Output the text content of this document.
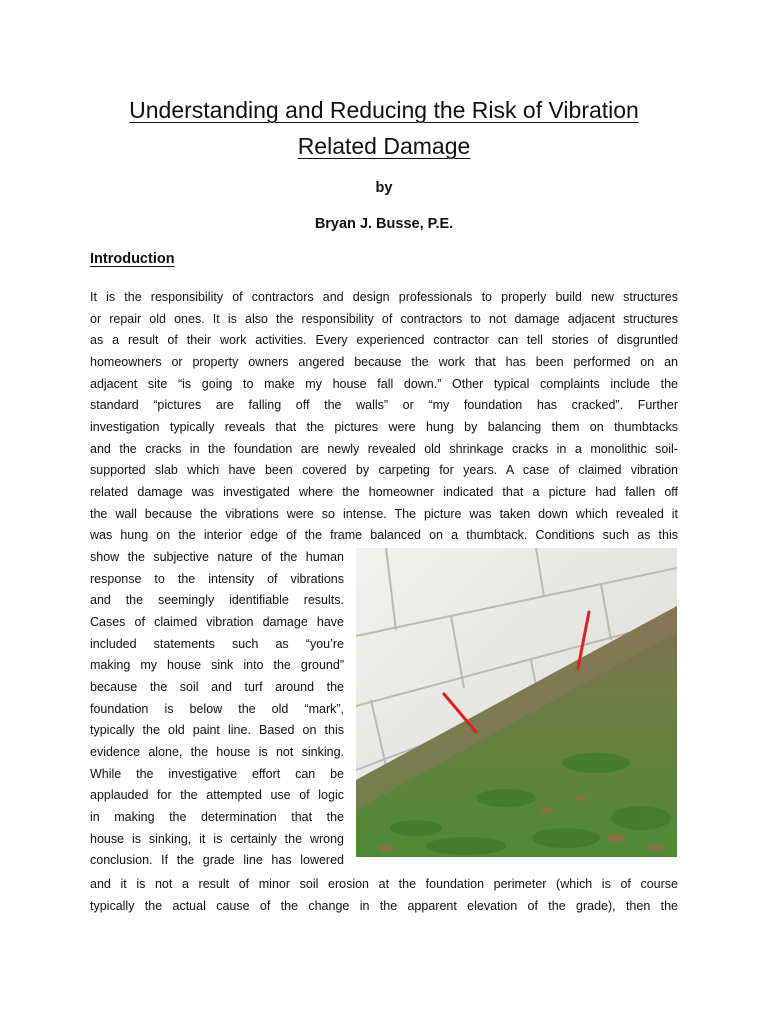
Understanding and Reducing the Risk of Vibration
Related Damage
by
Bryan J. Busse, P.E.
Introduction
It is the responsibility of contractors and design professionals to properly build new structures
or repair old ones. It is also the responsibility of contractors to not damage adjacent structures
as a result of their work activities. Every experienced contractor can tell stories of disgruntled
homeowners or property owners angered because the work that has been performed on an
adjacent site “is going to make my house fall down.” Other typical complaints include the
standard “pictures are falling off the walls” or “my foundation has cracked”. Further
investigation typically reveals that the pictures were hung by balancing them on thumbtacks
and the cracks in the foundation are newly revealed old shrinkage cracks in a monolithic soil-
supported slab which have been covered by carpeting for years. A case of claimed vibration
related damage was investigated where the homeowner indicated that a picture had fallen off
the wall because the vibrations were so intense. The picture was taken down which revealed it
was hung on the interior edge of the frame balanced on a thumbtack. Conditions such as this
show the subjective nature of the human
response to the intensity of vibrations
and the seemingly identifiable results.
Cases of claimed vibration damage have
included statements such as “you’re
making my house sink into the ground”
because the soil and turf around the
foundation is below the old “mark”,
typically the old paint line. Based on this
evidence alone, the house is not sinking.
While the investigative effort can be
applauded for the attempted use of logic
in making the determination that the
house is sinking, it is certainly the wrong
conclusion. If the grade line has lowered
and it is not a result of minor soil erosion at the foundation perimeter (which is of course
typically the actual cause of the change in the apparent elevation of the grade), then the
